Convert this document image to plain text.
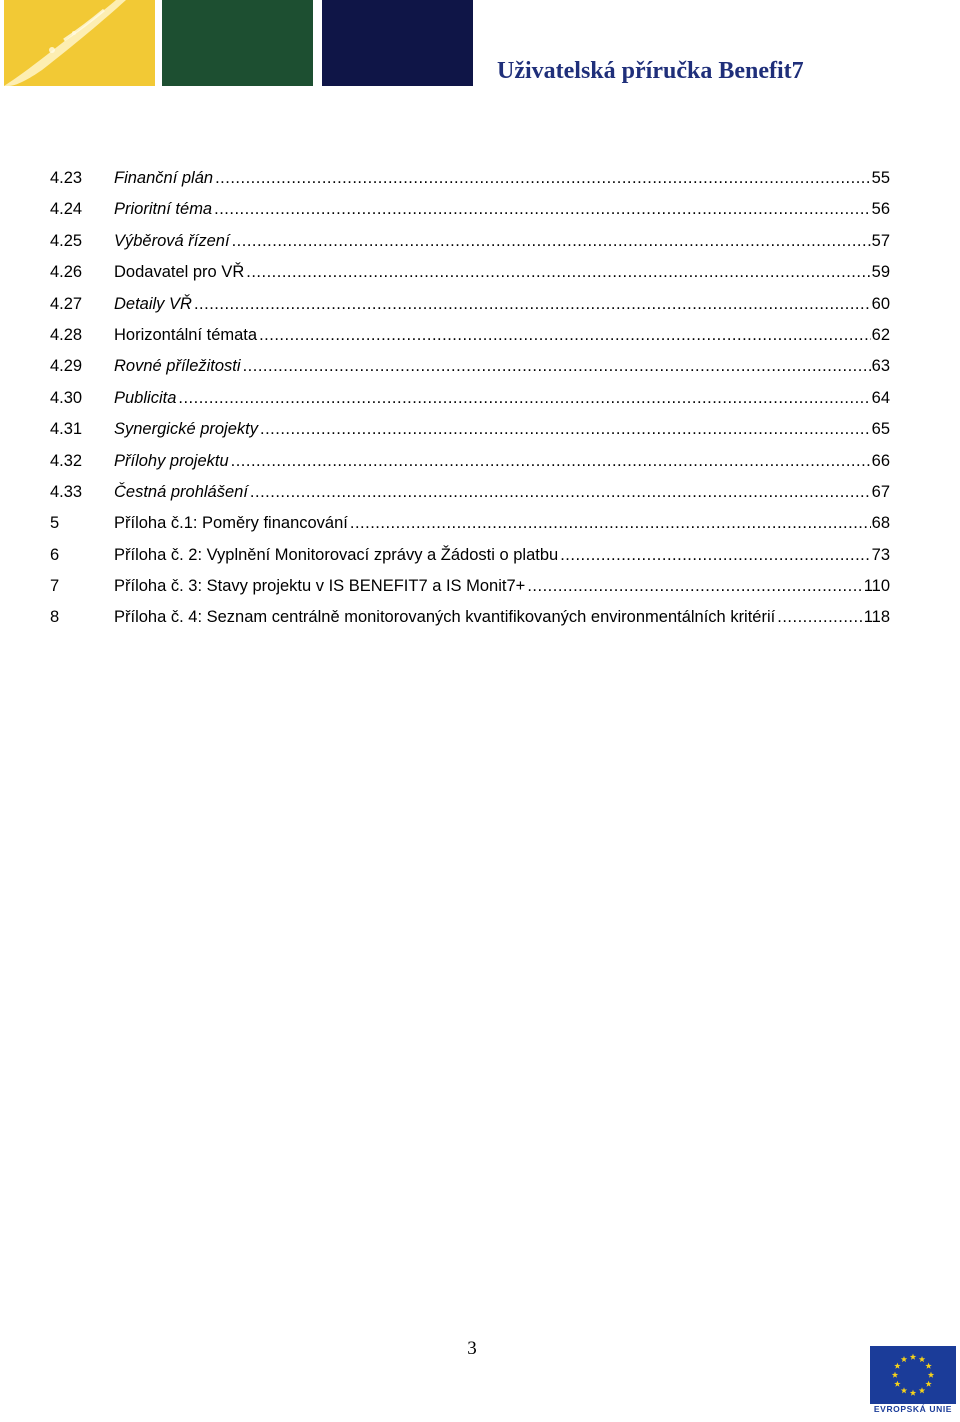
Uživatelská příručka Benefit7
4.23	Finanční plán .....	55
4.24	Prioritní téma .....	56
4.25	Výběrová řízení .....	57
4.26	Dodavatel pro VŘ .....	59
4.27	Detaily VŘ .....	60
4.28	Horizontální témata .....	62
4.29	Rovné příležitosti .....	63
4.30	Publicita .....	64
4.31	Synergické projekty .....	65
4.32	Přílohy projektu .....	66
4.33	Čestná prohlášení .....	67
5	Příloha č.1: Poměry financování .....	68
6	Příloha č. 2: Vyplnění Monitorovací zprávy a Žádosti o platbu .....	73
7	Příloha č. 3: Stavy projektu v IS BENEFIT7 a IS Monit7+ .....	110
8	Příloha č. 4: Seznam centrálně monitorovaných kvantifikovaných environmentálních kritérií .....	118
3
EVROPSKÁ UNIE
